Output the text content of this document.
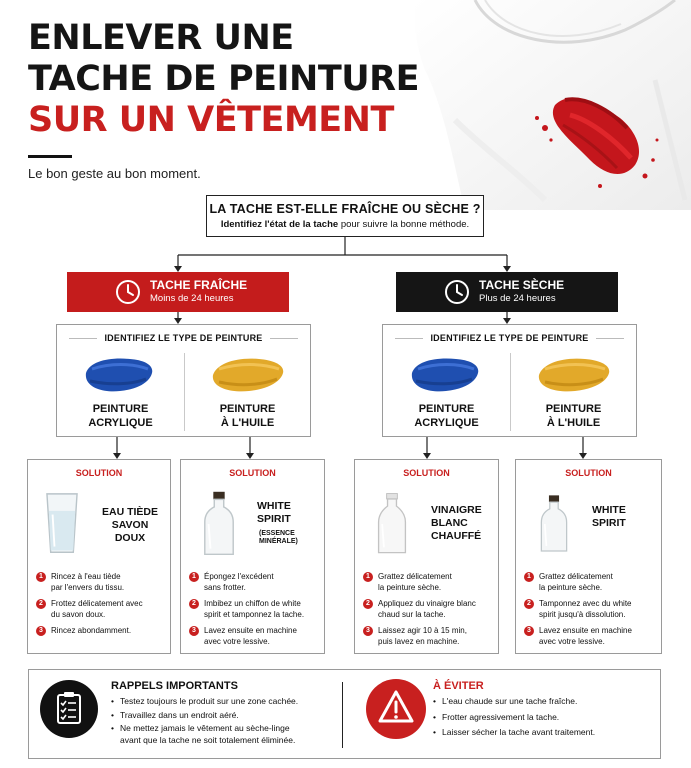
ENLEVER UNE
TACHE DE PEINTURE
SUR UN VÊTEMENT
Le bon geste au bon moment.
LA TACHE EST-ELLE FRAÎCHE OU SÈCHE ?
Identifiez l'état de la tache pour suivre la bonne méthode.
TACHE FRAÎCHE
Moins de 24 heures
TACHE SÈCHE
Plus de 24 heures
IDENTIFIEZ LE TYPE DE PEINTURE
PEINTURE
ACRYLIQUE
PEINTURE
À L'HUILE
IDENTIFIEZ LE TYPE DE PEINTURE
PEINTURE
ACRYLIQUE
PEINTURE
À L'HUILE
SOLUTION
EAU TIÈDE
SAVON
DOUX
1	Rincez à l'eau tiède
par l'envers du tissu.
2	Frottez délicatement avec
du savon doux.
3	Rincez abondamment.
SOLUTION
WHITE
SPIRIT
(ESSENCE
MINÉRALE)
1	Épongez l'excédent
sans frotter.
2	Imbibez un chiffon de white
spirit et tamponnez la tache.
3	Lavez ensuite en machine
avec votre lessive.
SOLUTION
VINAIGRE
BLANC
CHAUFFÉ
1	Grattez délicatement
la peinture sèche.
2	Appliquez du vinaigre blanc
chaud sur la tache.
3	Laissez agir 10 à 15 min,
puis lavez en machine.
SOLUTION
WHITE
SPIRIT
1	Grattez délicatement
la peinture sèche.
2	Tamponnez avec du white
spirit jusqu'à dissolution.
3	Lavez ensuite en machine
avec votre lessive.
RAPPELS IMPORTANTS
• Testez toujours le produit sur une zone cachée.
• Travaillez dans un endroit aéré.
• Ne mettez jamais le vêtement au sèche-linge
avant que la tache ne soit totalement éliminée.
À ÉVITER
• L'eau chaude sur une tache fraîche.
• Frotter agressivement la tache.
• Laisser sécher la tache avant traitement.
